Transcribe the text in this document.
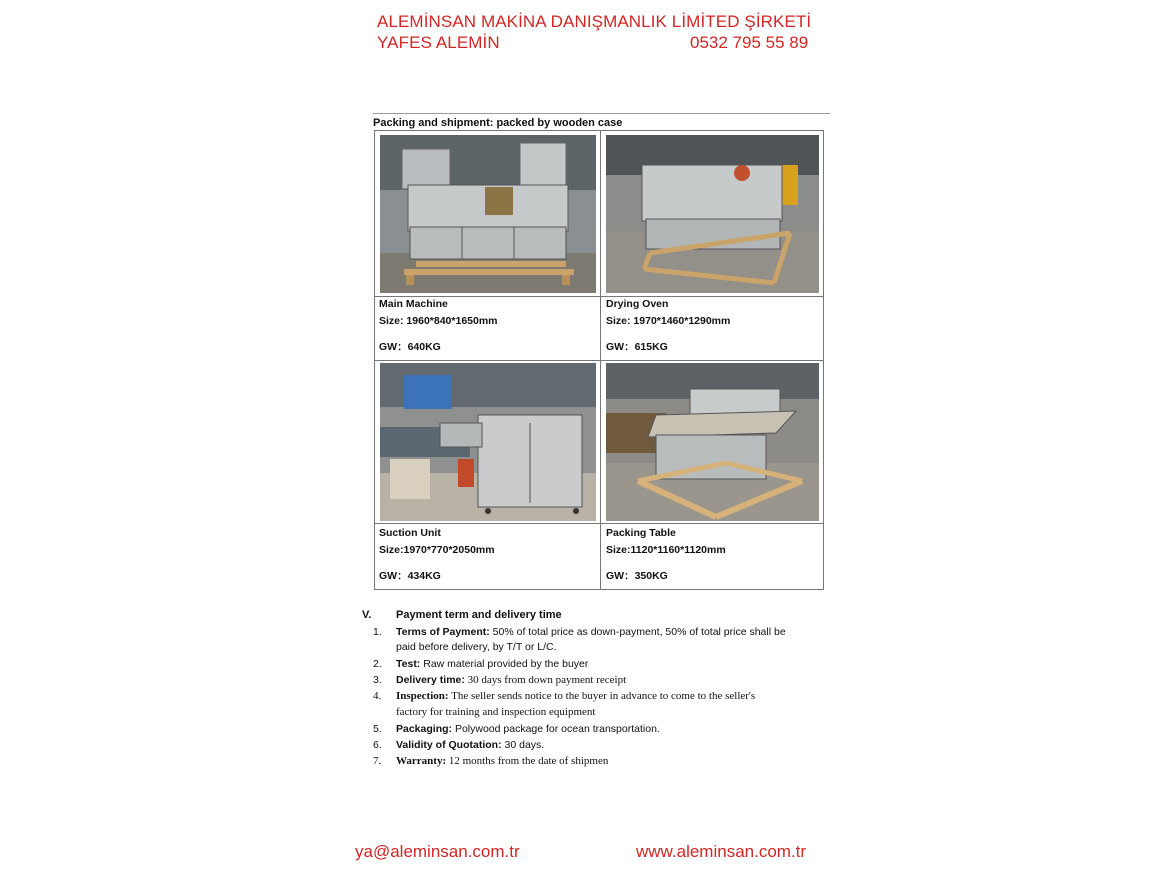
ALEMİNSAN MAKİNA DANIŞMANLIK LİMİTED ŞİRKETİ
YAFES ALEMİN	0532 795 55 89
Packing and shipment: packed by wooden case
Main Machine
Size: 1960*840*1650mm
GW：640KG
Drying Oven
Size: 1970*1460*1290mm
GW：615KG
Suction Unit
Size:1970*770*2050mm
GW：434KG
Packing Table
Size:1120*1160*1120mm
GW：350KG
V. Payment term and delivery time
1. Terms of Payment: 50% of total price as down-payment, 50% of total price shall be
paid before delivery, by T/T or L/C.
2. Test: Raw material provided by the buyer
3. Delivery time: 30 days from down payment receipt
4. Inspection: The seller sends notice to the buyer in advance to come to the seller's
factory for training and inspection equipment
5. Packaging: Polywood package for ocean transportation.
6. Validity of Quotation: 30 days.
7. Warranty: 12 months from the date of shipmen
ya@aleminsan.com.tr	www.aleminsan.com.tr
